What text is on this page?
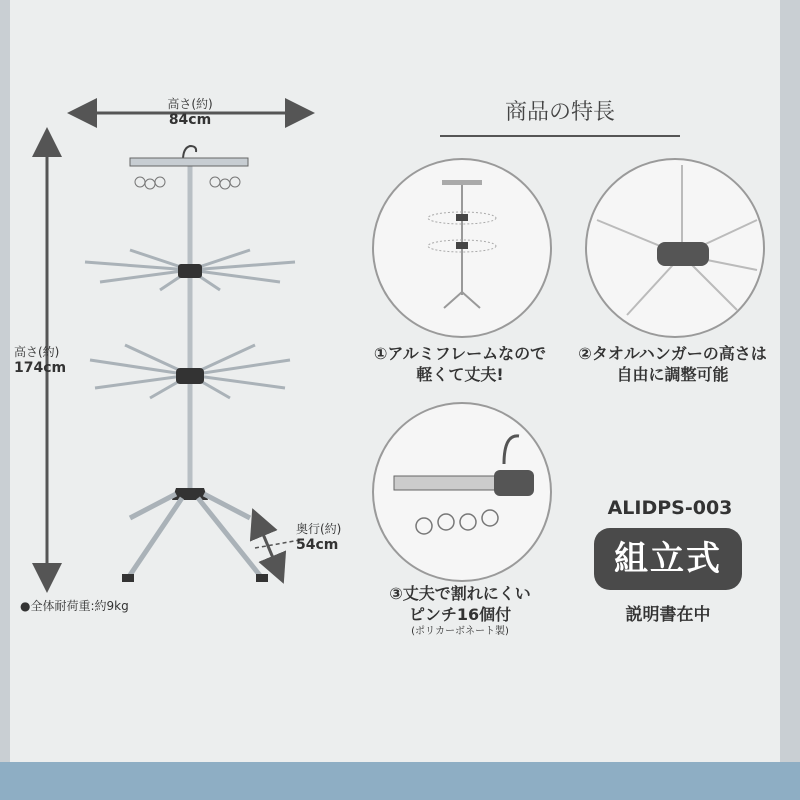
高さ(約)
84cm
高さ(約)
174cm
奥行(約)
54cm
●全体耐荷重:約9kg
商品の特長
①アルミフレームなので
軽くて丈夫!
②タオルハンガーの高さは
自由に調整可能
③丈夫で割れにくい
ピンチ16個付
(ポリカーボネート製)
ALIDPS-003
組立式
説明書在中
